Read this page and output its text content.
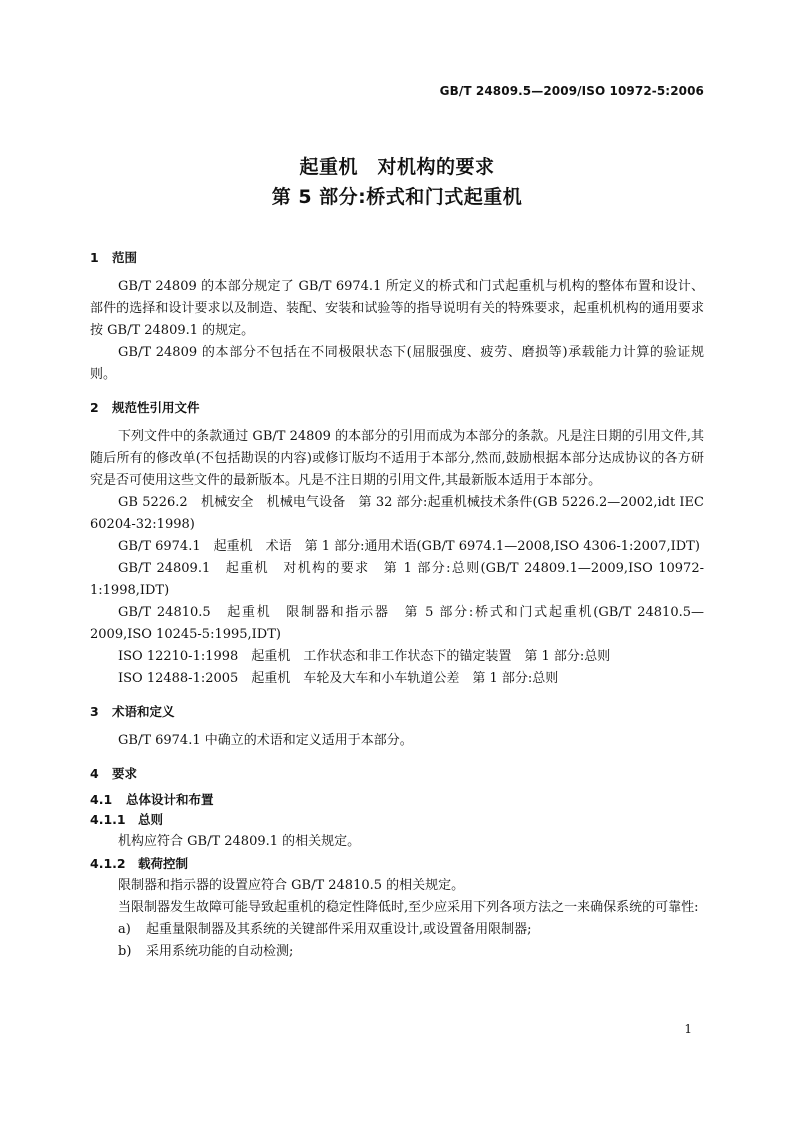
GB/T 24809.5—2009/ISO 10972-5:2006
起重机　对机构的要求
第 5 部分:桥式和门式起重机
1 范围

GB/T 24809 的本部分规定了 GB/T 6974.1 所定义的桥式和门式起重机与机构的整体布置和设计、部件的选择和设计要求以及制造、装配、安装和试验等的指导说明有关的特殊要求，起重机机构的通用要求按 GB/T 24809.1 的规定。

GB/T 24809 的本部分不包括在不同极限状态下(屈服强度、疲劳、磨损等)承载能力计算的验证规则。

2 规范性引用文件

下列文件中的条款通过 GB/T 24809 的本部分的引用而成为本部分的条款。凡是注日期的引用文件,其随后所有的修改单(不包括勘误的内容)或修订版均不适用于本部分,然而,鼓励根据本部分达成协议的各方研究是否可使用这些文件的最新版本。凡是不注日期的引用文件,其最新版本适用于本部分。

GB 5226.2　机械安全　机械电气设备　第 32 部分:起重机械技术条件(GB 5226.2—2002,idt IEC 60204-32:1998)
GB/T 6974.1　起重机　术语　第 1 部分:通用术语(GB/T 6974.1—2008,ISO 4306-1:2007,IDT)
GB/T 24809.1　起重机　对机构的要求　第 1 部分:总则(GB/T 24809.1—2009,ISO 10972-1:1998,IDT)
GB/T 24810.5　起重机　限制器和指示器　第 5 部分:桥式和门式起重机(GB/T 24810.5—2009,ISO 10245-5:1995,IDT)
ISO 12210-1:1998　起重机　工作状态和非工作状态下的锚定装置　第 1 部分:总则
ISO 12488-1:2005　起重机　车轮及大车和小车轨道公差　第 1 部分:总则
3 术语和定义

GB/T 6974.1 中确立的术语和定义适用于本部分。

4 要求
4.1 总体设计和布置
4.1.1 总则

机构应符合 GB/T 24809.1 的相关规定。

4.1.2 载荷控制

限制器和指示器的设置应符合 GB/T 24810.5 的相关规定。

当限制器发生故障可能导致起重机的稳定性降低时,至少应采用下列各项方法之一来确保系统的可靠性:

a) 起重量限制器及其系统的关键部件采用双重设计,或设置备用限制器;
b) 采用系统功能的自动检测;
1
